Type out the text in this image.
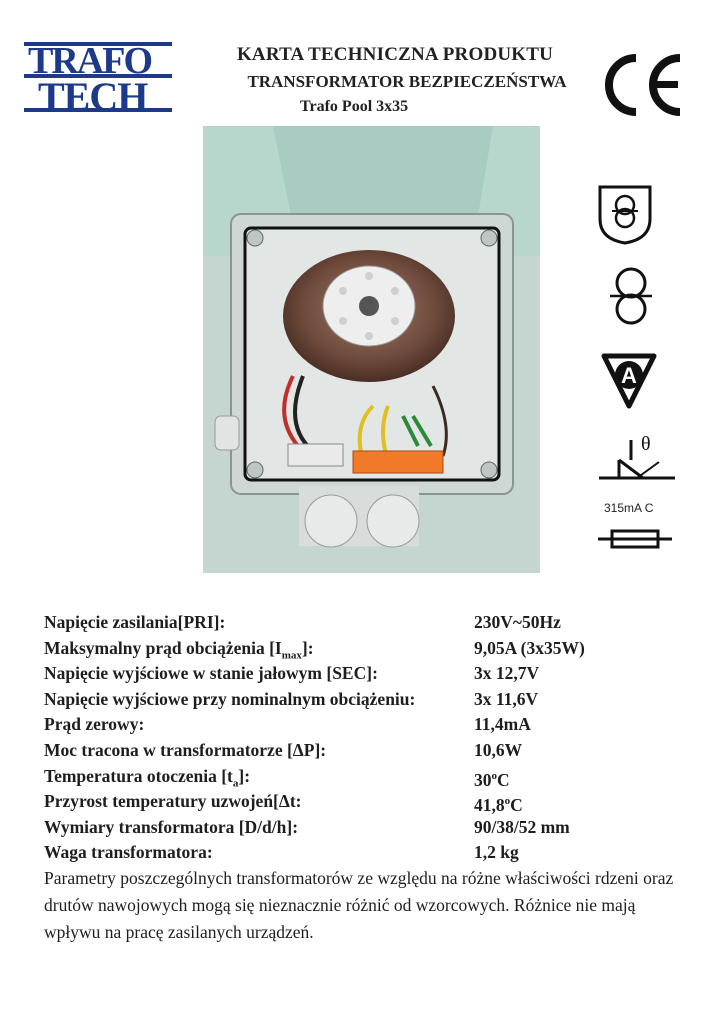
TRAFO
TECH
KARTA TECHNICZNA PRODUKTU
TRANSFORMATOR BEZPIECZEŃSTWA
Trafo Pool 3x35
CE
A
θ
315mA C
Napięcie zasilania[PRI]:	230V~50Hz
Maksymalny prąd obciążenia $[I_{max}]$:	9,05A (3x35W)
Napięcie wyjściowe w stanie jałowym [SEC]:	3x 12,7V
Napięcie wyjściowe przy nominalnym obciążeniu:	3x 11,6V
Prąd zerowy:	11,4mA
Moc tracona w transformatorze [ΔP]:	10,6W
Temperatura otoczenia $[t_a]$:	30$^o$C
Przyrost temperatury uzwojeń[Δt:	41,8$^o$C
Wymiary transformatora [D/d/h]:	90/38/52 mm
Waga transformatora:	1,2 kg
Parametry poszczególnych transformatorów ze względu na różne właściwości rdzeni oraz drutów nawojowych mogą się nieznacznie różnić od wzorcowych. Różnice nie mają wpływu na pracę zasilanych urządzeń.
